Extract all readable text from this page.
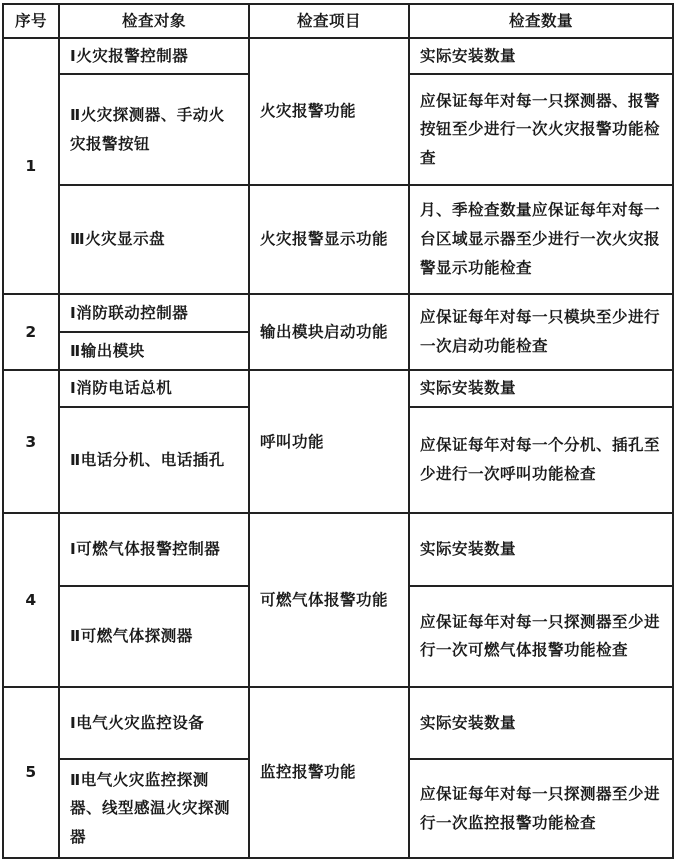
序号	检查对象	检查项目	检查数量
1	Ⅰ火灾报警控制器	火灾报警功能	实际安装数量
	Ⅱ火灾探测器、手动火灾报警按钮		应保证每年对每一只探测器、报警按钮至少进行一次火灾报警功能检查
	Ⅲ火灾显示盘	火灾报警显示功能	月、季检查数量应保证每年对每一台区域显示器至少进行一次火灾报警显示功能检查
2	Ⅰ消防联动控制器	输出模块启动功能	应保证每年对每一只模块至少进行一次启动功能检查
	Ⅱ输出模块		
3	Ⅰ消防电话总机	呼叫功能	实际安装数量
	Ⅱ电话分机、电话插孔		应保证每年对每一个分机、插孔至少进行一次呼叫功能检查
4	Ⅰ可燃气体报警控制器	可燃气体报警功能	实际安装数量
	Ⅱ可燃气体探测器		应保证每年对每一只探测器至少进行一次可燃气体报警功能检查
5	Ⅰ电气火灾监控设备	监控报警功能	实际安装数量
	Ⅱ电气火灾监控探测器、线型感温火灾探测器		应保证每年对每一只探测器至少进行一次监控报警功能检查
